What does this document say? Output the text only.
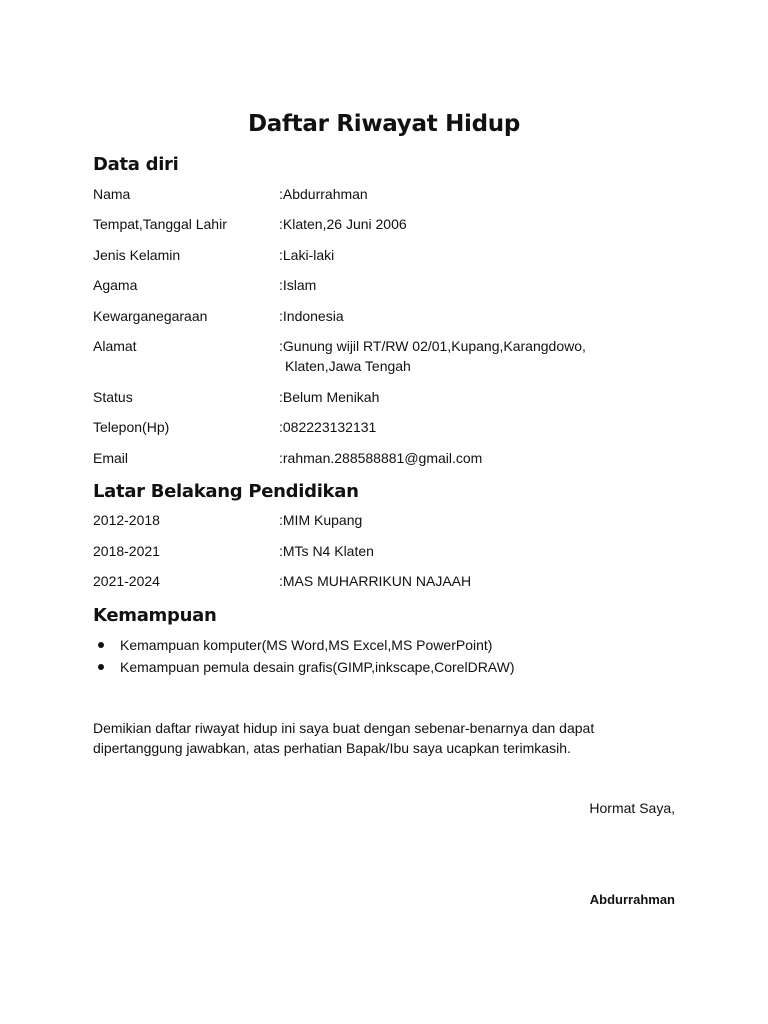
Daftar Riwayat Hidup
Data diri
Nama	:Abdurrahman
Tempat,Tanggal Lahir	:Klaten,26 Juni 2006
Jenis Kelamin	:Laki-laki
Agama	:Islam
Kewarganegaraan	:Indonesia
Alamat	:Gunung wijil RT/RW 02/01,Kupang,Karangdowo,
Klaten,Jawa Tengah
Status	:Belum Menikah
Telepon(Hp)	:082223132131
Email	:rahman.288588881@gmail.com
Latar Belakang Pendidikan
2012-2018	:MIM Kupang
2018-2021	:MTs N4 Klaten
2021-2024	:MAS MUHARRIKUN NAJAAH
Kemampuan
Kemampuan komputer(MS Word,MS Excel,MS PowerPoint)
Kemampuan pemula desain grafis(GIMP,inkscape,CorelDRAW)
Demikian daftar riwayat hidup ini saya buat dengan sebenar-benarnya dan dapat dipertanggung jawabkan, atas perhatian Bapak/Ibu saya ucapkan terimkasih.
Hormat Saya,
Abdurrahman
